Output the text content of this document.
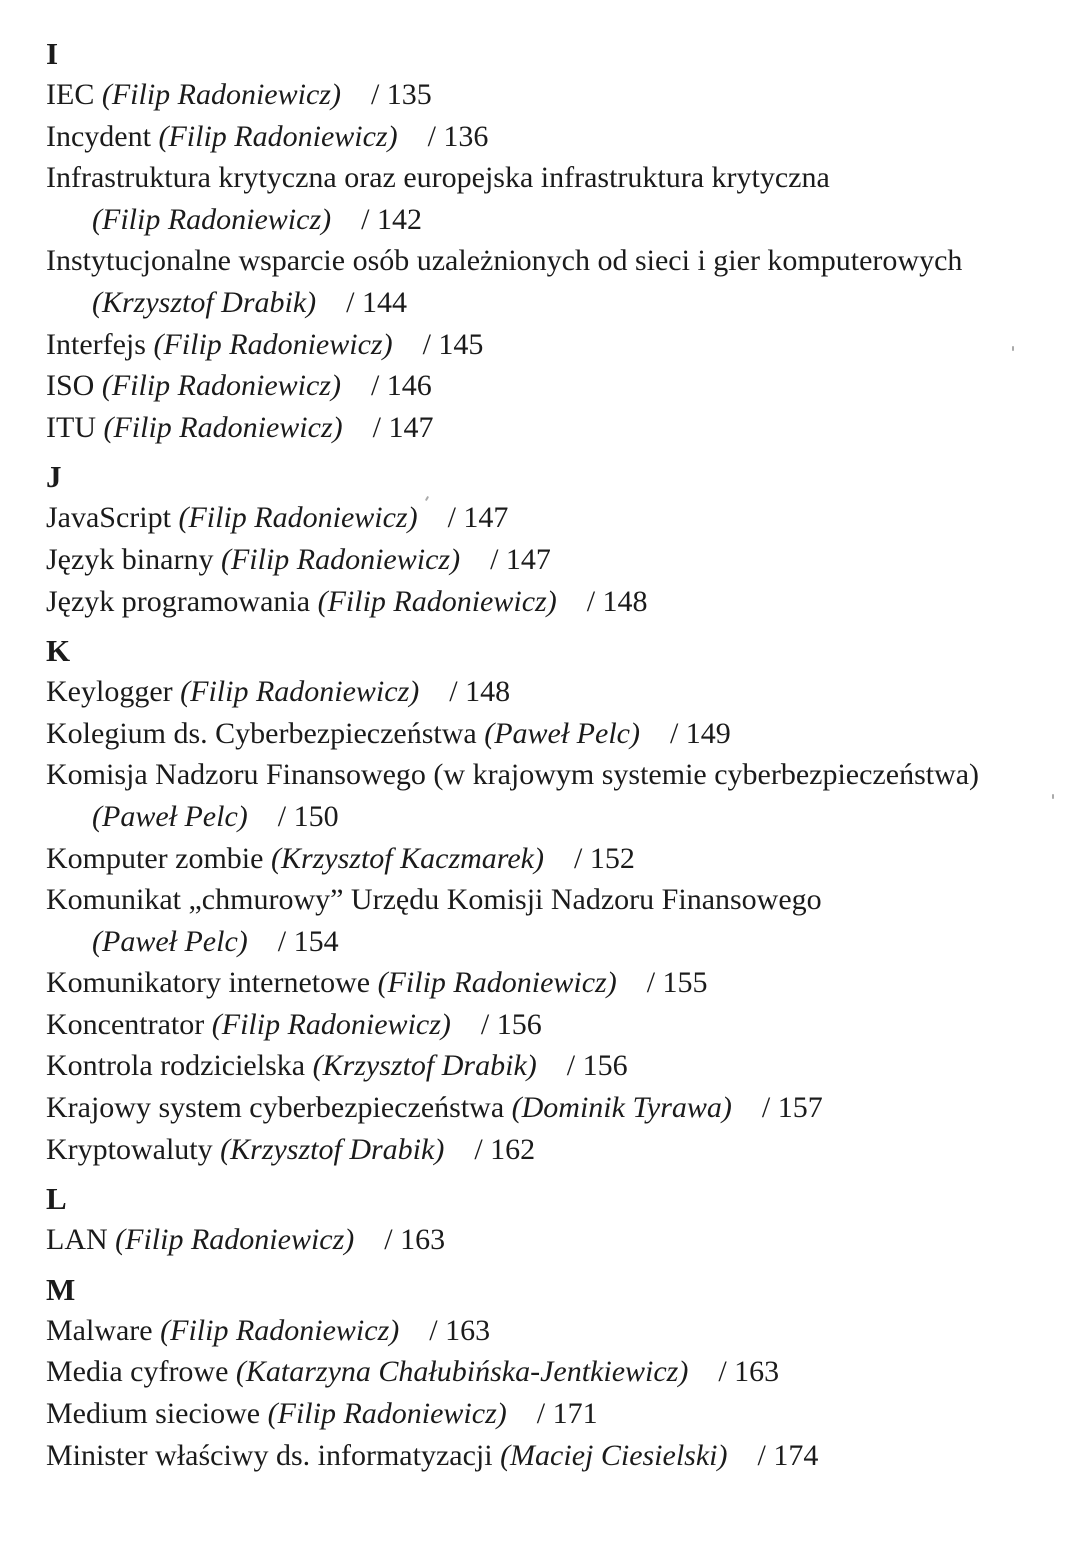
I
IEC (Filip Radoniewicz) / 135
Incydent (Filip Radoniewicz) / 136
Infrastruktura krytyczna oraz europejska infrastruktura krytyczna
(Filip Radoniewicz) / 142
Instytucjonalne wsparcie osób uzależnionych od sieci i gier komputerowych
(Krzysztof Drabik) / 144
Interfejs (Filip Radoniewicz) / 145
ISO (Filip Radoniewicz) / 146
ITU (Filip Radoniewicz) / 147
J
JavaScript (Filip Radoniewicz) / 147
Język binarny (Filip Radoniewicz) / 147
Język programowania (Filip Radoniewicz) / 148
K
Keylogger (Filip Radoniewicz) / 148
Kolegium ds. Cyberbezpieczeństwa (Paweł Pelc) / 149
Komisja Nadzoru Finansowego (w krajowym systemie cyberbezpieczeństwa)
(Paweł Pelc) / 150
Komputer zombie (Krzysztof Kaczmarek) / 152
Komunikat „chmurowy” Urzędu Komisji Nadzoru Finansowego
(Paweł Pelc) / 154
Komunikatory internetowe (Filip Radoniewicz) / 155
Koncentrator (Filip Radoniewicz) / 156
Kontrola rodzicielska (Krzysztof Drabik) / 156
Krajowy system cyberbezpieczeństwa (Dominik Tyrawa) / 157
Kryptowaluty (Krzysztof Drabik) / 162
L
LAN (Filip Radoniewicz) / 163
M
Malware (Filip Radoniewicz) / 163
Media cyfrowe (Katarzyna Chałubińska-Jentkiewicz) / 163
Medium sieciowe (Filip Radoniewicz) / 171
Minister właściwy ds. informatyzacji (Maciej Ciesielski) / 174
